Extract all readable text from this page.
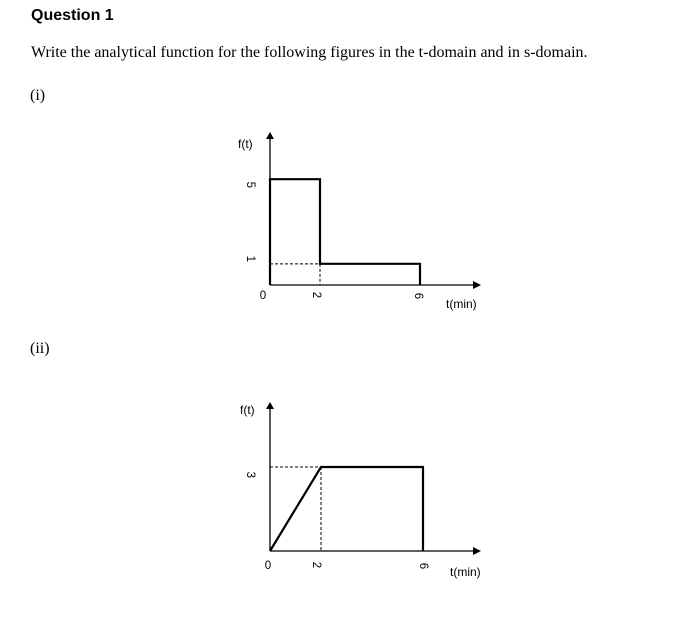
Question 1
Write the analytical function for the following figures in the t-domain and in s-domain.
(i)
f(t)
t(min)
5
1
0	2	6
(ii)
f(t)
t(min)
3
0	2	6
